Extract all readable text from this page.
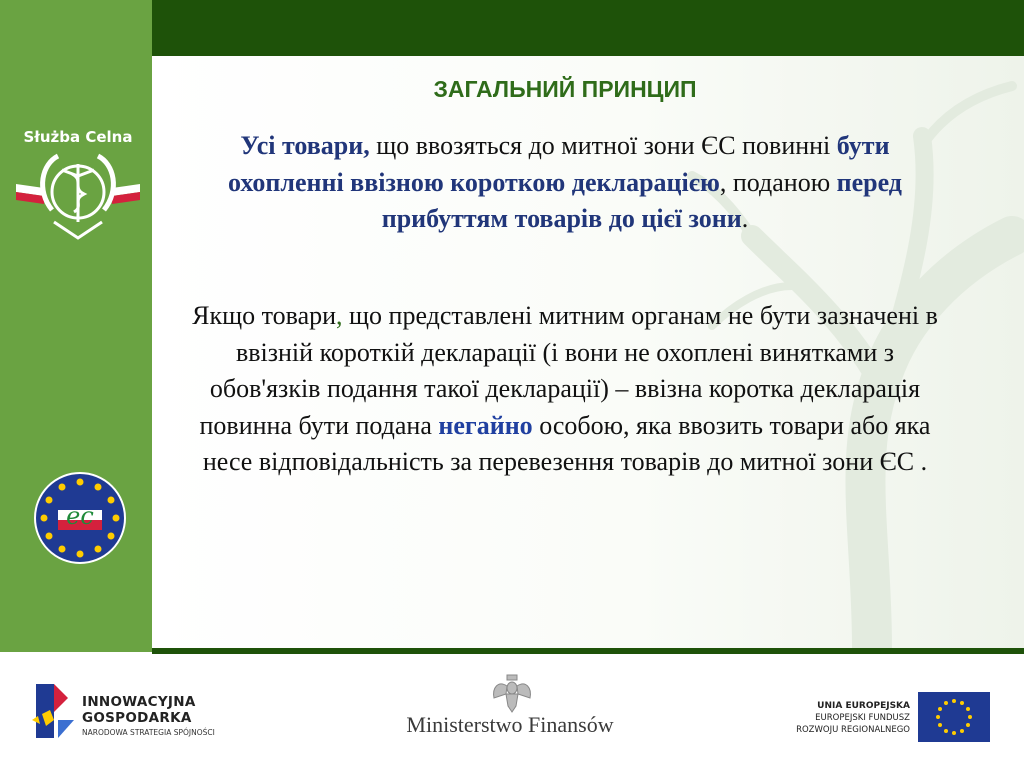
Służba Celna
ec
ЗАГАЛЬНИЙ ПРИНЦИП
Усі товари, що ввозяться до митної зони ЄС повинні бути охопленні ввізною короткою декларацією, поданою перед прибуттям товарів до цієї зони.
Якщо товари, що представлені митним органам не бути зазначені в ввізній короткій декларації (і вони не охоплені винятками з обов'язків подання такої декларації) – ввізна коротка декларація повинна бути подана негайно особою, яка ввозить товари або яка несе відповідальність за перевезення товарів до митної зони ЄС .
INNOWACYJNA
GOSPODARKA
NARODOWA STRATEGIA SPÓJNOŚCI	Ministerstwo Finansów
UNIA EUROPEJSKA
EUROPEJSKI FUNDUSZ
ROZWOJU REGIONALNEGO
